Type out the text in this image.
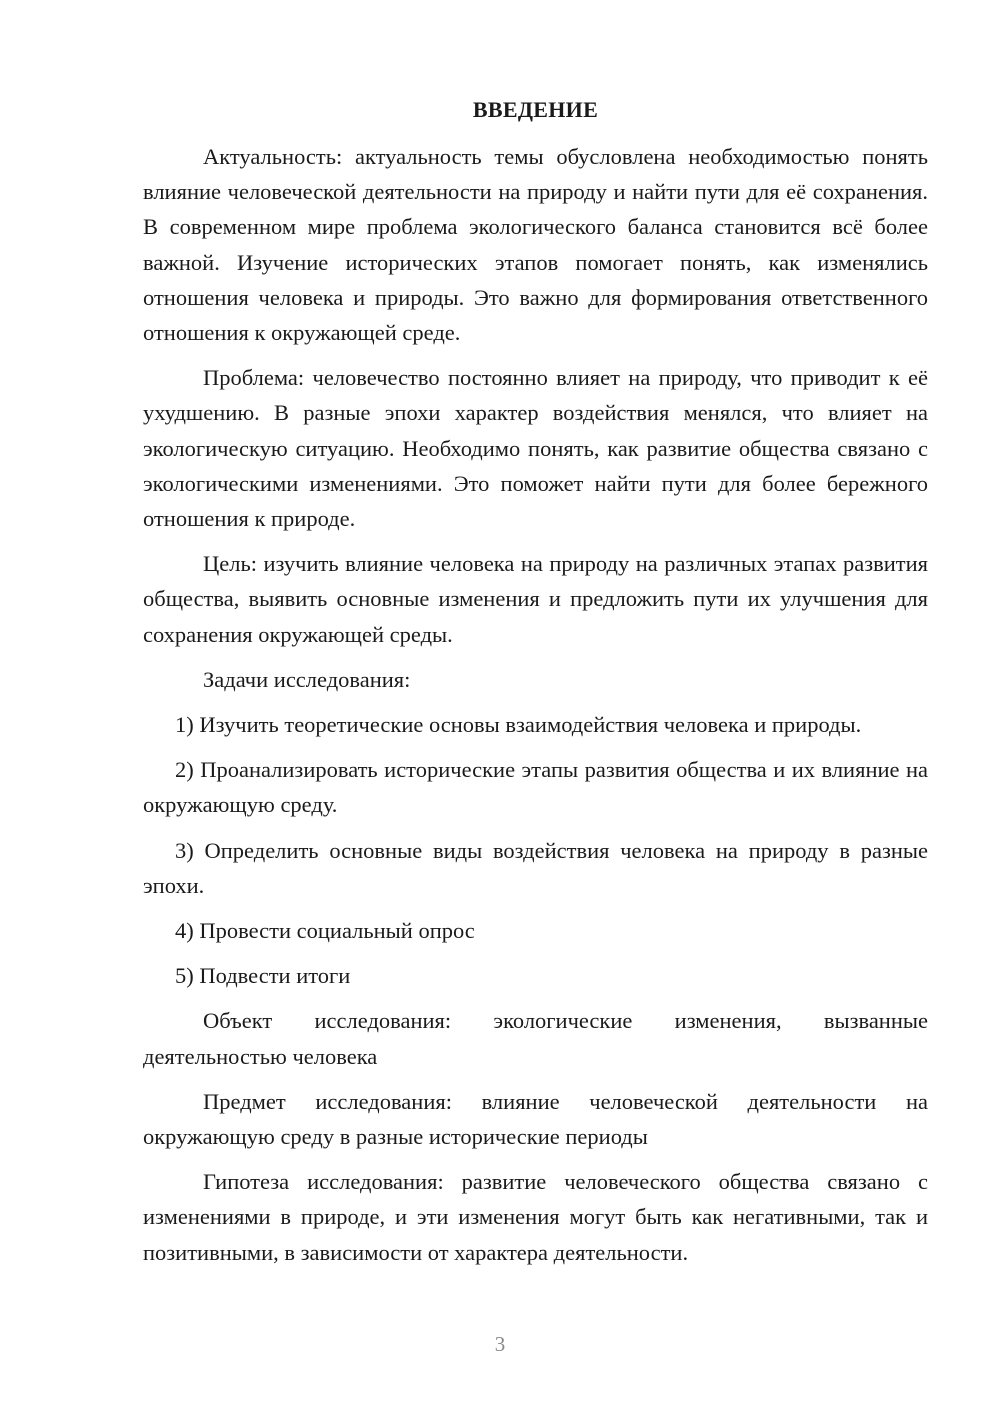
ВВЕДЕНИЕ

Актуальность: актуальность темы обусловлена необходимостью понять влияние человеческой деятельности на природу и найти пути для её сохранения. В современном мире проблема экологического баланса становится всё более важной. Изучение исторических этапов помогает понять, как изменялись отношения человека и природы. Это важно для формирования ответственного отношения к окружающей среде.

Проблема: человечество постоянно влияет на природу, что приводит к её ухудшению. В разные эпохи характер воздействия менялся, что влияет на экологическую ситуацию. Необходимо понять, как развитие общества связано с экологическими изменениями. Это поможет найти пути для более бережного отношения к природе.

Цель: изучить влияние человека на природу на различных этапах развития общества, выявить основные изменения и предложить пути их улучшения для сохранения окружающей среды.

Задачи исследования:

1) Изучить теоретические основы взаимодействия человека и природы.

2) Проанализировать исторические этапы развития общества и их влияние на окружающую среду.

3) Определить основные виды воздействия человека на природу в разные эпохи.

4) Провести социальный опрос

5) Подвести итоги

Объект исследования: экологические изменения, вызванные деятельностью человека

Предмет исследования: влияние человеческой деятельности на окружающую среду в разные исторические периоды

Гипотеза исследования: развитие человеческого общества связано с изменениями в природе, и эти изменения могут быть как негативными, так и позитивными, в зависимости от характера деятельности.

3
